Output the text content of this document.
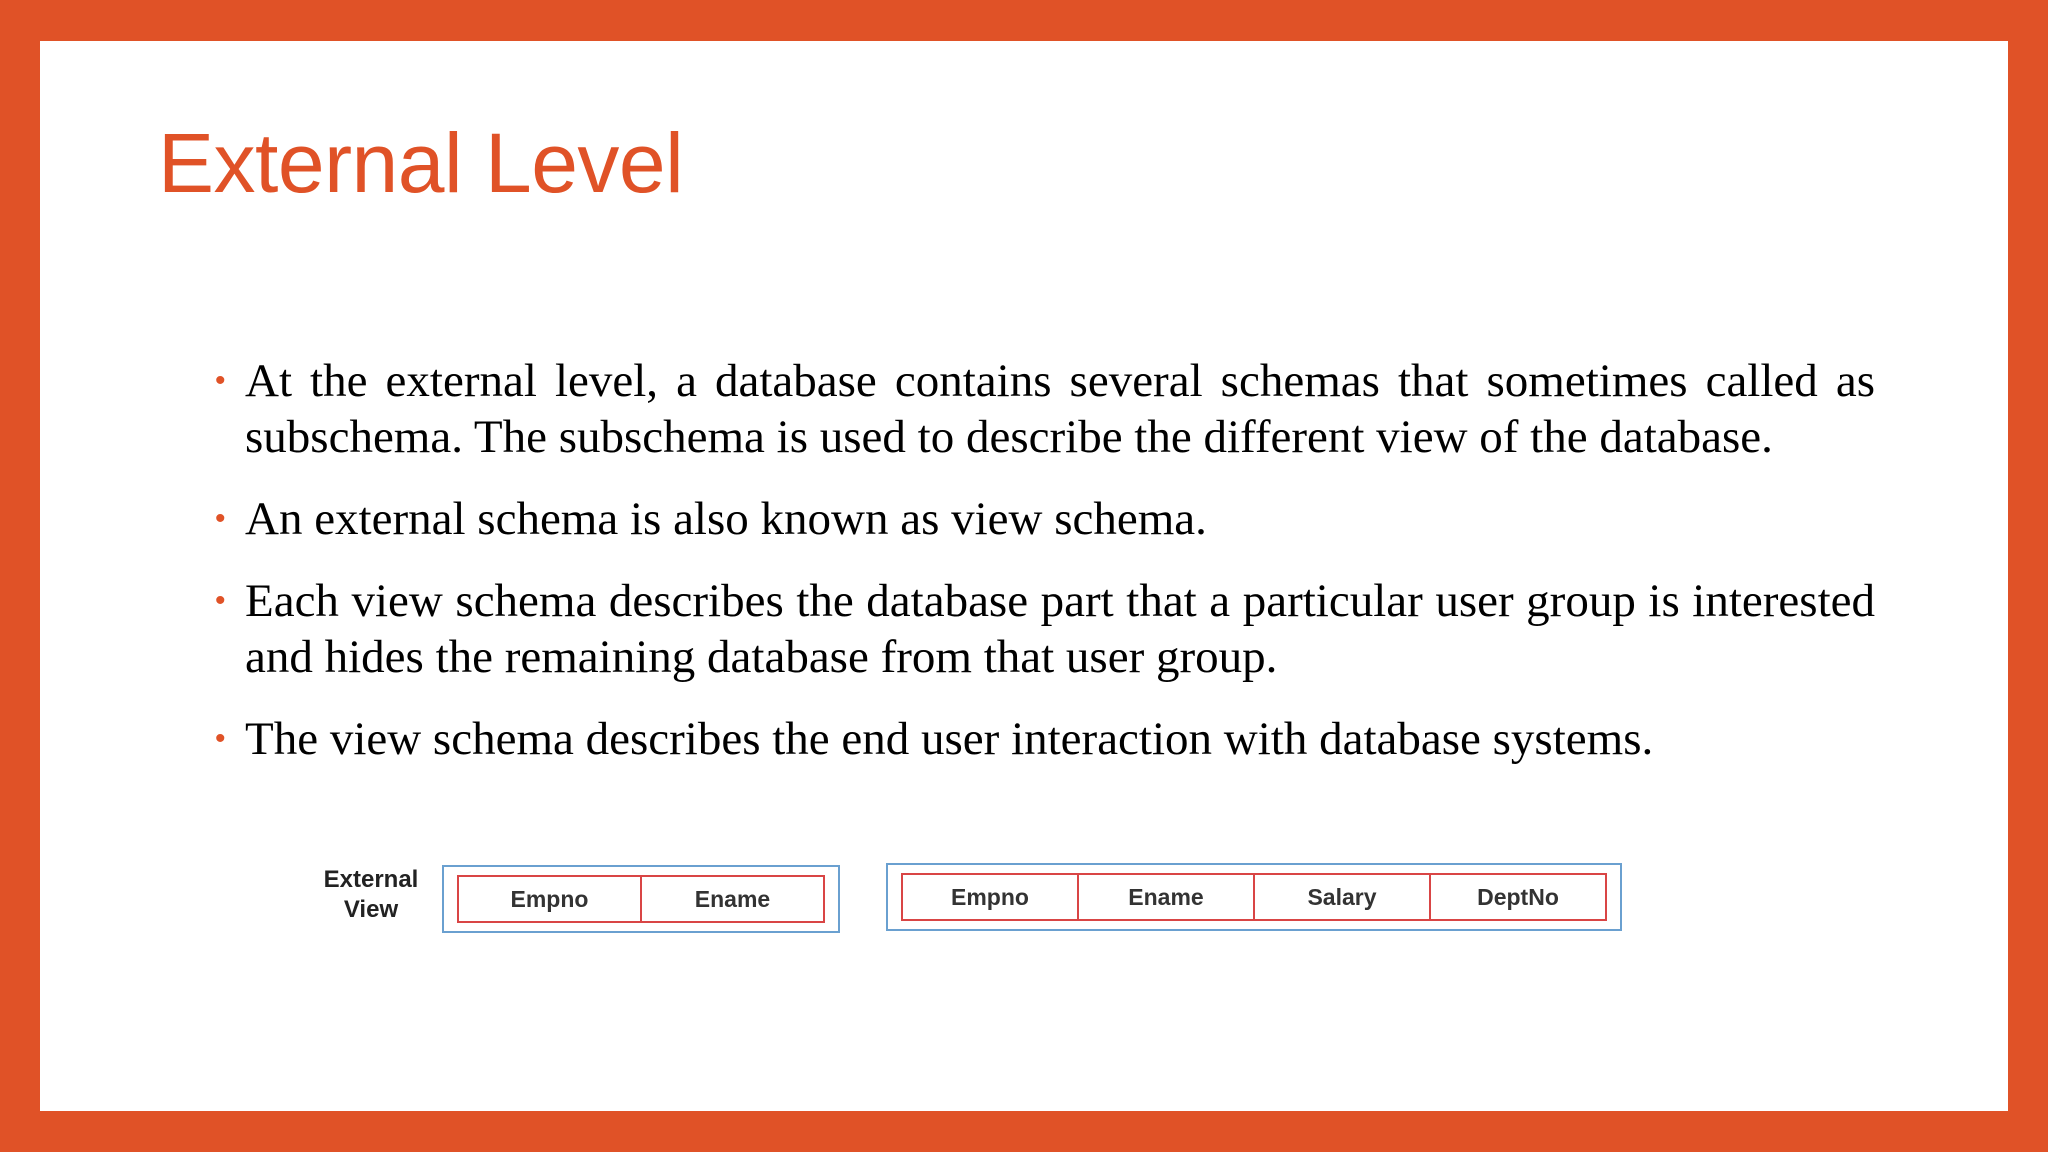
External Level
• At the external level, a database contains several schemas that sometimes called as subschema. The subschema is used to describe the different view of the database.
• An external schema is also known as view schema.
• Each view schema describes the database part that a particular user group is interested and hides the remaining database from that user group.
• The view schema describes the end user interaction with database systems.
External
View	Empno	Ename	Empno	Ename	Salary	DeptNo
